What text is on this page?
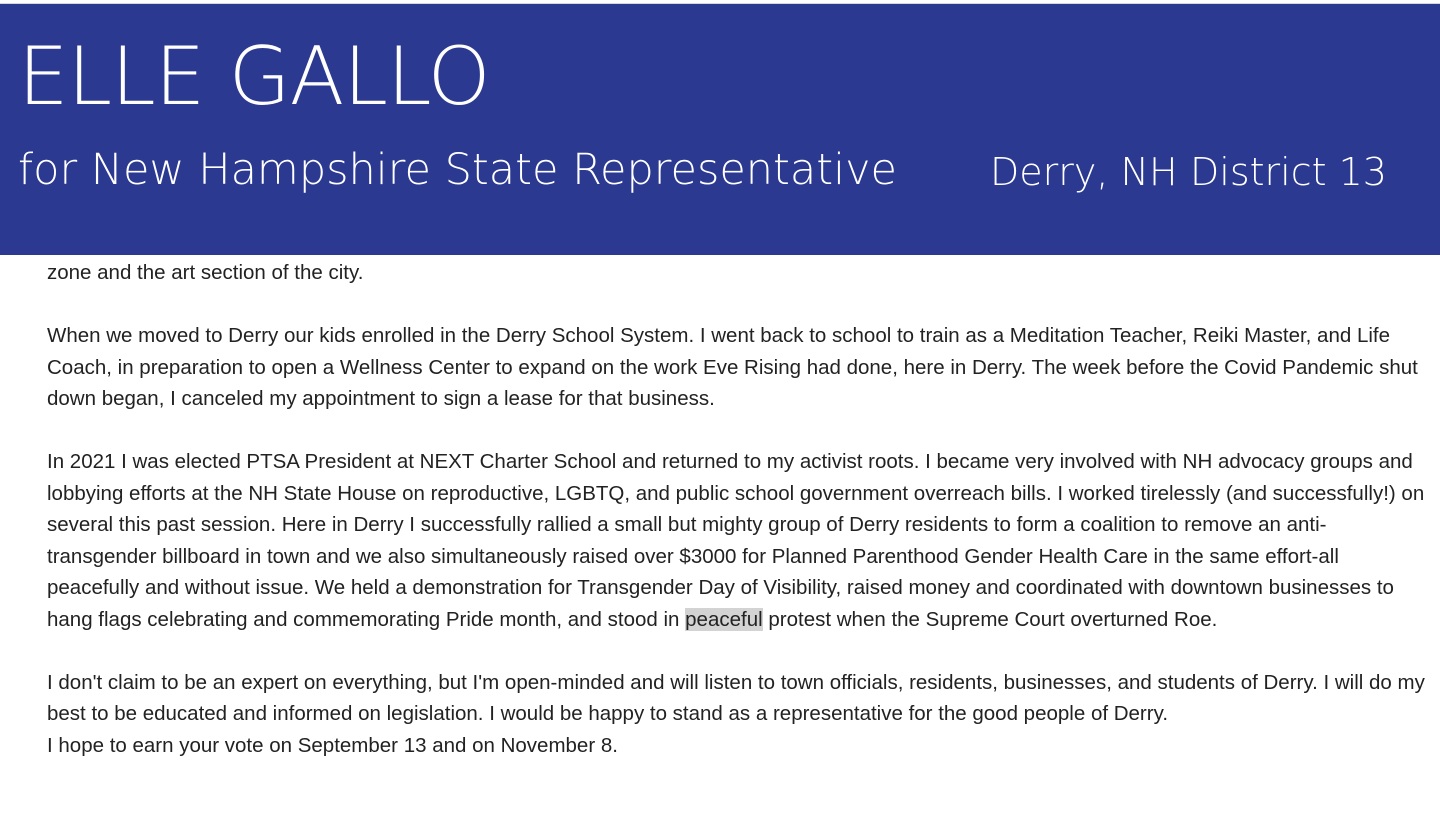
ELLE GALLO
for New Hampshire State Representative Derry, NH District 13

zone and the art section of the city.

When we moved to Derry our kids enrolled in the Derry School System. I went back to school to train as a Meditation Teacher, Reiki Master, and Life Coach, in preparation to open a Wellness Center to expand on the work Eve Rising had done, here in Derry. The week before the Covid Pandemic shut down began, I canceled my appointment to sign a lease for that business.

In 2021 I was elected PTSA President at NEXT Charter School and returned to my activist roots. I became very involved with NH advocacy groups and lobbying efforts at the NH State House on reproductive, LGBTQ, and public school government overreach bills. I worked tirelessly (and successfully!) on several this past session. Here in Derry I successfully rallied a small but mighty group of Derry residents to form a coalition to remove an anti-transgender billboard in town and we also simultaneously raised over $3000 for Planned Parenthood Gender Health Care in the same effort-all peacefully and without issue. We held a demonstration for Transgender Day of Visibility, raised money and coordinated with downtown businesses to hang flags celebrating and commemorating Pride month, and stood in peaceful protest when the Supreme Court overturned Roe.

I don't claim to be an expert on everything, but I'm open-minded and will listen to town officials, residents, businesses, and students of Derry. I will do my best to be educated and informed on legislation. I would be happy to stand as a representative for the good people of Derry.

I hope to earn your vote on September 13 and on November 8.
